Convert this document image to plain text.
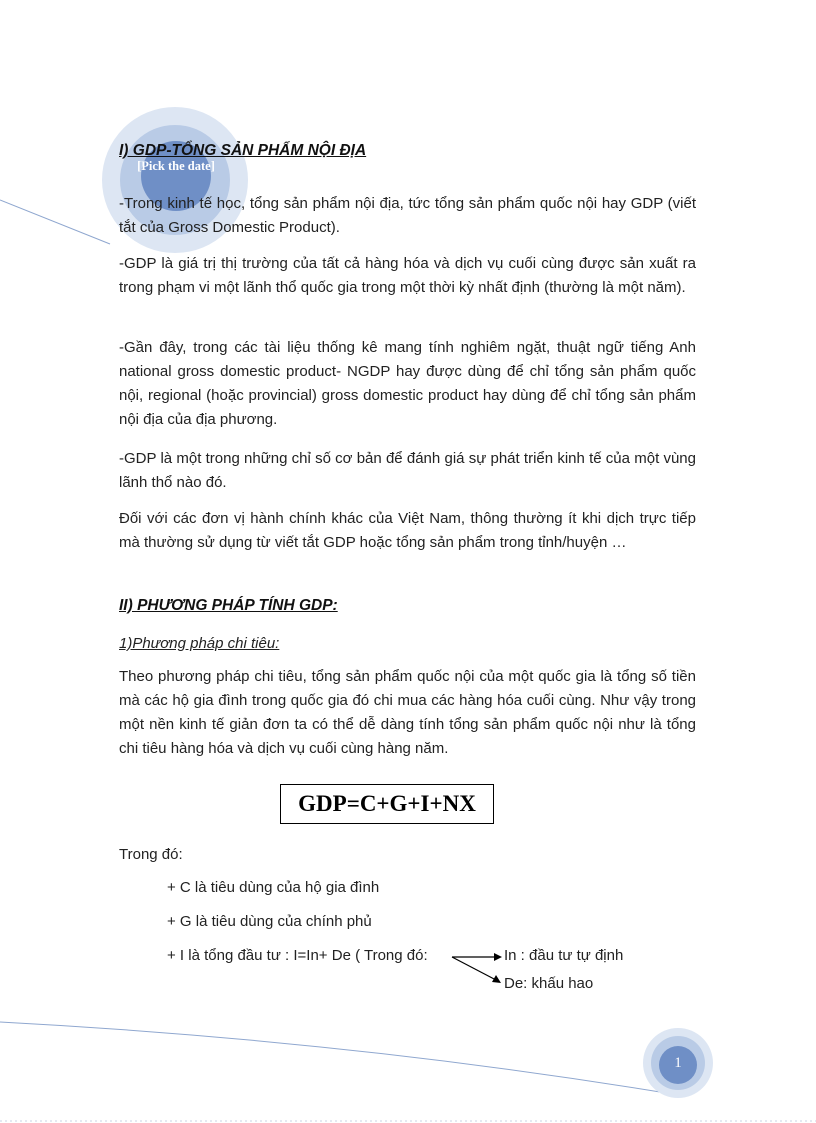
[Pick the date]
I) GDP-TỔNG SẢN PHẨM NỘI ĐỊA
-Trong kinh tế học, tổng sản phẩm nội địa, tức tổng sản phẩm quốc nội hay GDP (viết tắt của Gross Domestic Product).
-GDP là giá trị thị trường của tất cả hàng hóa và dịch vụ cuối cùng được sản xuất ra trong phạm vi một lãnh thổ quốc gia trong một thời kỳ nhất định (thường là một năm).
-Gần đây, trong các tài liệu thống kê mang tính nghiêm ngặt, thuật ngữ tiếng Anh national gross domestic product- NGDP hay được dùng để chỉ tổng sản phẩm quốc nội, regional (hoặc provincial) gross domestic product hay dùng để chỉ tổng sản phẩm nội địa của địa phương.
-GDP là một trong những chỉ số cơ bản để đánh giá sự phát triển kinh tế của một vùng lãnh thổ nào đó.
Đối với các đơn vị hành chính khác của Việt Nam, thông thường ít khi dịch trực tiếp mà thường sử dụng từ viết tắt GDP hoặc tổng sản phẩm trong tỉnh/huyện …
II) PHƯƠNG PHÁP TÍNH GDP:
1)Phương pháp chi tiêu:
Theo phương pháp chi tiêu, tổng sản phẩm quốc nội của một quốc gia là tổng số tiền mà các hộ gia đình trong quốc gia đó chi mua các hàng hóa cuối cùng. Như vậy trong một nền kinh tế giản đơn ta có thể dễ dàng tính tổng sản phẩm quốc nội như là tổng chi tiêu hàng hóa và dịch vụ cuối cùng hàng năm.
Trong đó:
+ C là tiêu dùng của hộ gia đình
+ G là tiêu dùng của chính phủ
+ I là tổng đầu tư : I=In+ De ( Trong đó:	In : đầu tư tự định
De: khấu hao
GDP=C+G+I+NX
1
